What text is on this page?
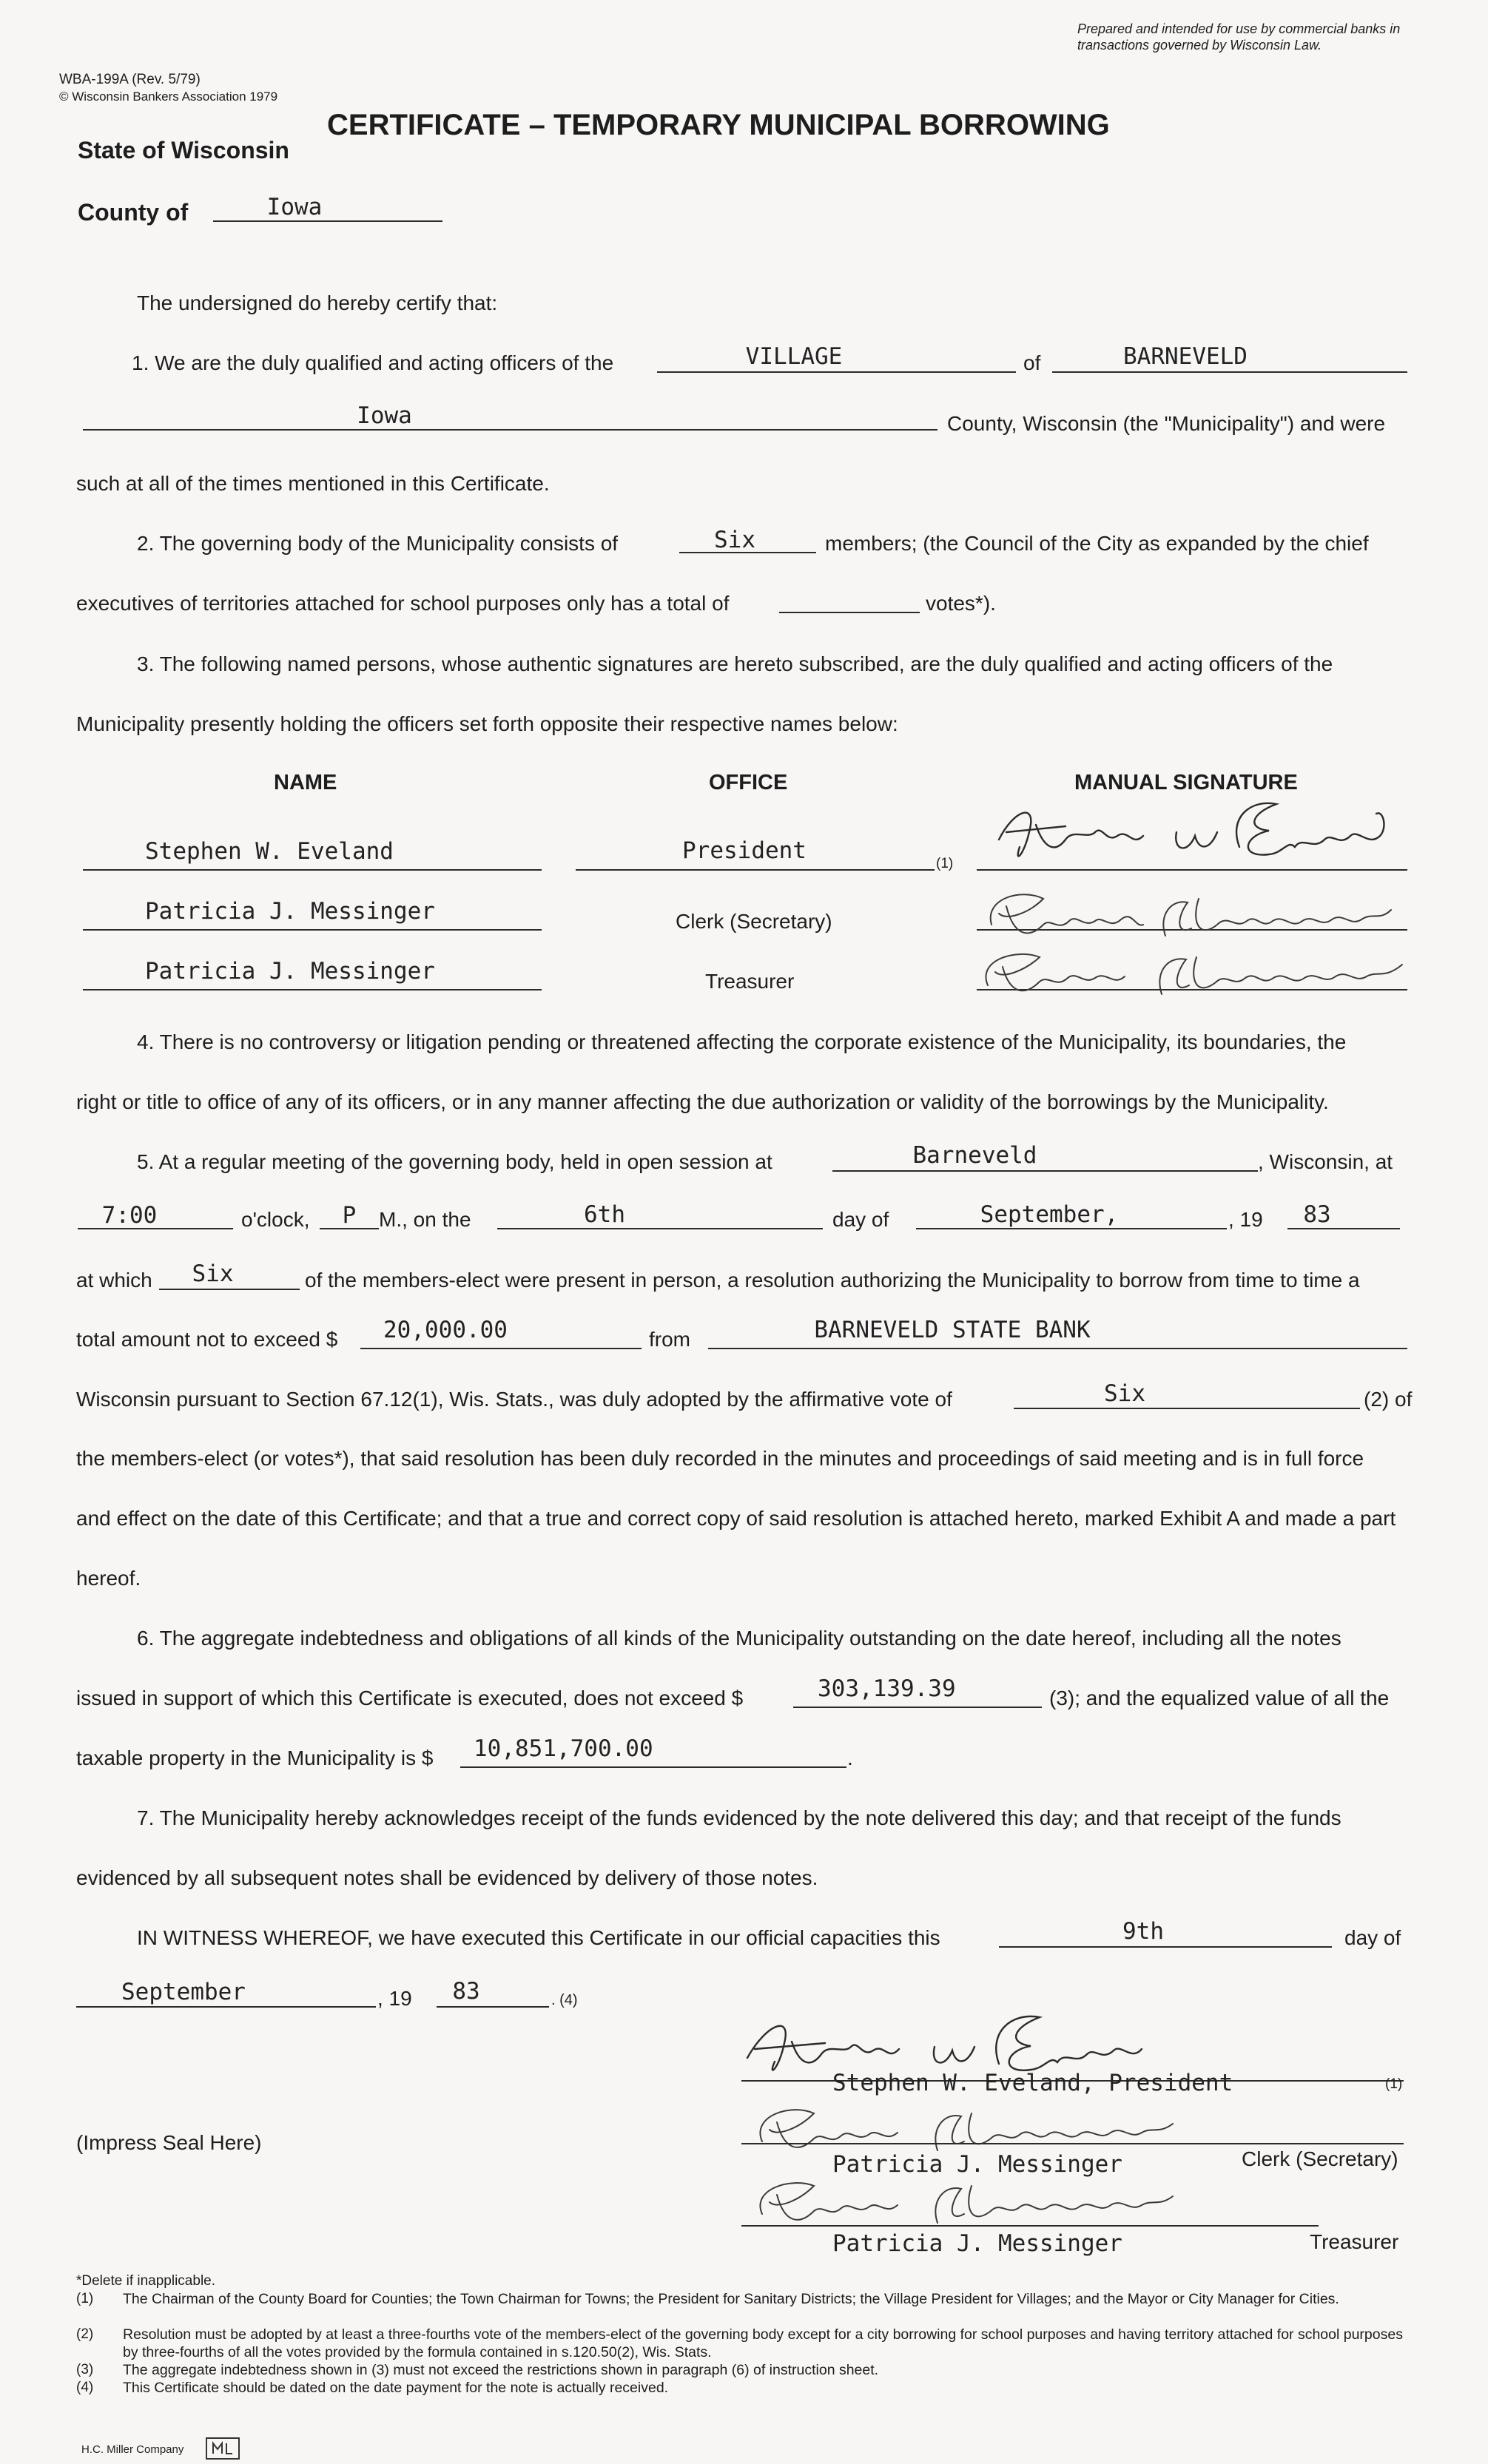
Prepared and intended for use by commercial banks in transactions governed by Wisconsin Law.
WBA-199A (Rev. 5/79)
© Wisconsin Bankers Association 1979
CERTIFICATE – TEMPORARY MUNICIPAL BORROWING
State of Wisconsin
County of	Iowa
The undersigned do hereby certify that:
1. We are the duly qualified and acting officers of the	VILLAGE	of	BARNEVELD
Iowa	County, Wisconsin (the "Municipality") and were
such at all of the times mentioned in this Certificate.
2. The governing body of the Municipality consists of	Six	members; (the Council of the City as expanded by the chief
executives of territories attached for school purposes only has a total of	votes*).
3. The following named persons, whose authentic signatures are hereto subscribed, are the duly qualified and acting officers of the
Municipality presently holding the officers set forth opposite their respective names below:
NAME	OFFICE	MANUAL SIGNATURE
Stephen W. Eveland	President	(1)
Patricia J. Messinger	Clerk (Secretary)
Patricia J. Messinger	Treasurer
4. There is no controversy or litigation pending or threatened affecting the corporate existence of the Municipality, its boundaries, the
right or title to office of any of its officers, or in any manner affecting the due authorization or validity of the borrowings by the Municipality.
5. At a regular meeting of the governing body, held in open session at	Barneveld	, Wisconsin, at
7:00	o'clock,	P	M., on the	6th	day of	September,	, 19	83
at which	Six	of the members-elect were present in person, a resolution authorizing the Municipality to borrow from time to time a
total amount not to exceed $ 20,000.00	from	BARNEVELD STATE BANK
Wisconsin pursuant to Section 67.12(1), Wis. Stats., was duly adopted by the affirmative vote of	Six	(2) of
the members-elect (or votes*), that said resolution has been duly recorded in the minutes and proceedings of said meeting and is in full force
and effect on the date of this Certificate; and that a true and correct copy of said resolution is attached hereto, marked Exhibit A and made a part
hereof.
6. The aggregate indebtedness and obligations of all kinds of the Municipality outstanding on the date hereof, including all the notes
issued in support of which this Certificate is executed, does not exceed $	303,139.39	(3); and the equalized value of all the
taxable property in the Municipality is $ 10,851,700.00	.
7. The Municipality hereby acknowledges receipt of the funds evidenced by the note delivered this day; and that receipt of the funds
evidenced by all subsequent notes shall be evidenced by delivery of those notes.
IN WITNESS WHEREOF, we have executed this Certificate in our official capacities this	9th	day of
September	, 19	83	. (4)
(Impress Seal Here)
Stephen W. Eveland, President	(1)
Patricia J. Messinger	Clerk (Secretary)
Patricia J. Messinger	Treasurer
*Delete if inapplicable.
(1) The Chairman of the County Board for Counties; the Town Chairman for Towns; the President for Sanitary Districts; the Village President for Villages; and the Mayor or City Manager for Cities.
(2) Resolution must be adopted by at least a three-fourths vote of the members-elect of the governing body except for a city borrowing for school purposes and having territory attached for school purposes by three-fourths of all the votes provided by the formula contained in s.120.50(2), Wis. Stats.
(3) The aggregate indebtedness shown in (3) must not exceed the restrictions shown in paragraph (6) of instruction sheet.
(4) This Certificate should be dated on the date payment for the note is actually received.
H.C. Miller Company
